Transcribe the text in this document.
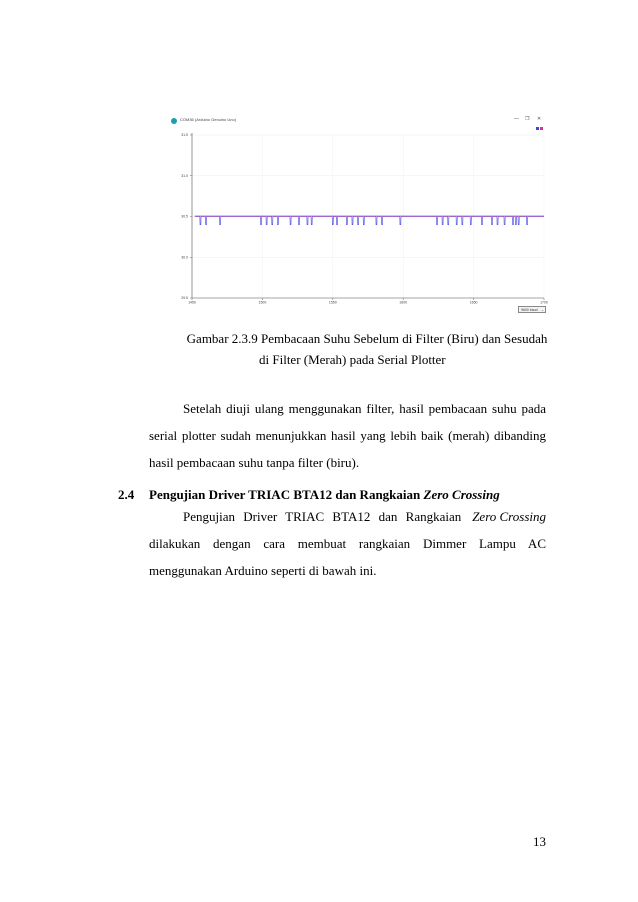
COM36 (Arduino Genuino Uno)	— ❐ ✕
29.5
30.0
30.5
31.0
31.5
1450	1500	1550	1600	1650	1700
9600 baud ⌄
Gambar 2.3.9 Pembacaan Suhu Sebelum di Filter (Biru) dan Sesudah
di Filter (Merah) pada Serial Plotter
Setelah diuji ulang menggunakan filter, hasil pembacaan suhu pada
serial plotter sudah menunjukkan hasil yang lebih baik (merah) dibanding
hasil pembacaan suhu tanpa filter (biru).
2.4 Pengujian Driver TRIAC BTA12 dan Rangkaian Zero Crossing
Pengujian Driver TRIAC BTA12 dan Rangkaian Zero Crossing
dilakukan dengan cara membuat rangkaian Dimmer Lampu AC
menggunakan Arduino seperti di bawah ini.
13
